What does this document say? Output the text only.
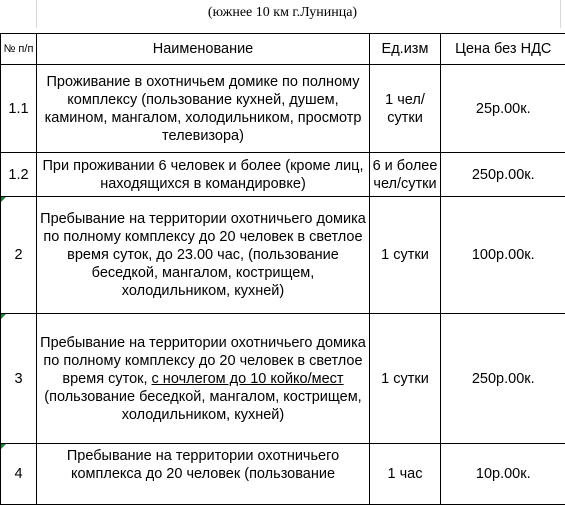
(южнее 10 км г.Лунинца)
№ п/п	Наименование	Ед.изм	Цена без НДС
1.1	Проживание в охотничьем домике по полному комплексу (пользование кухней, душем, камином, мангалом, холодильником, просмотр телевизора)	1 чел/сутки	25р.00к.
1.2	При проживании 6 человек и более (кроме лиц, находящихся в командировке)	6 и более чел/сутки	250р.00к.

2	Пребывание на территории охотничьего домика по полному комплексу до 20 человек в светлое время суток, до 23.00 час, (пользование беседкой, мангалом, кострищем, холодильником, кухней)	1 сутки	100р.00к.

3	Пребывание на территории охотничьего домика по полному комплексу до 20 человек в светлое время суток, с ночлегом до 10 койко/мест (пользование беседкой, мангалом, кострищем, холодильником, кухней)	1 сутки	250р.00к.

4	Пребывание на территории охотничьего комплекса до 20 человек (пользование	1 час	10р.00к.
